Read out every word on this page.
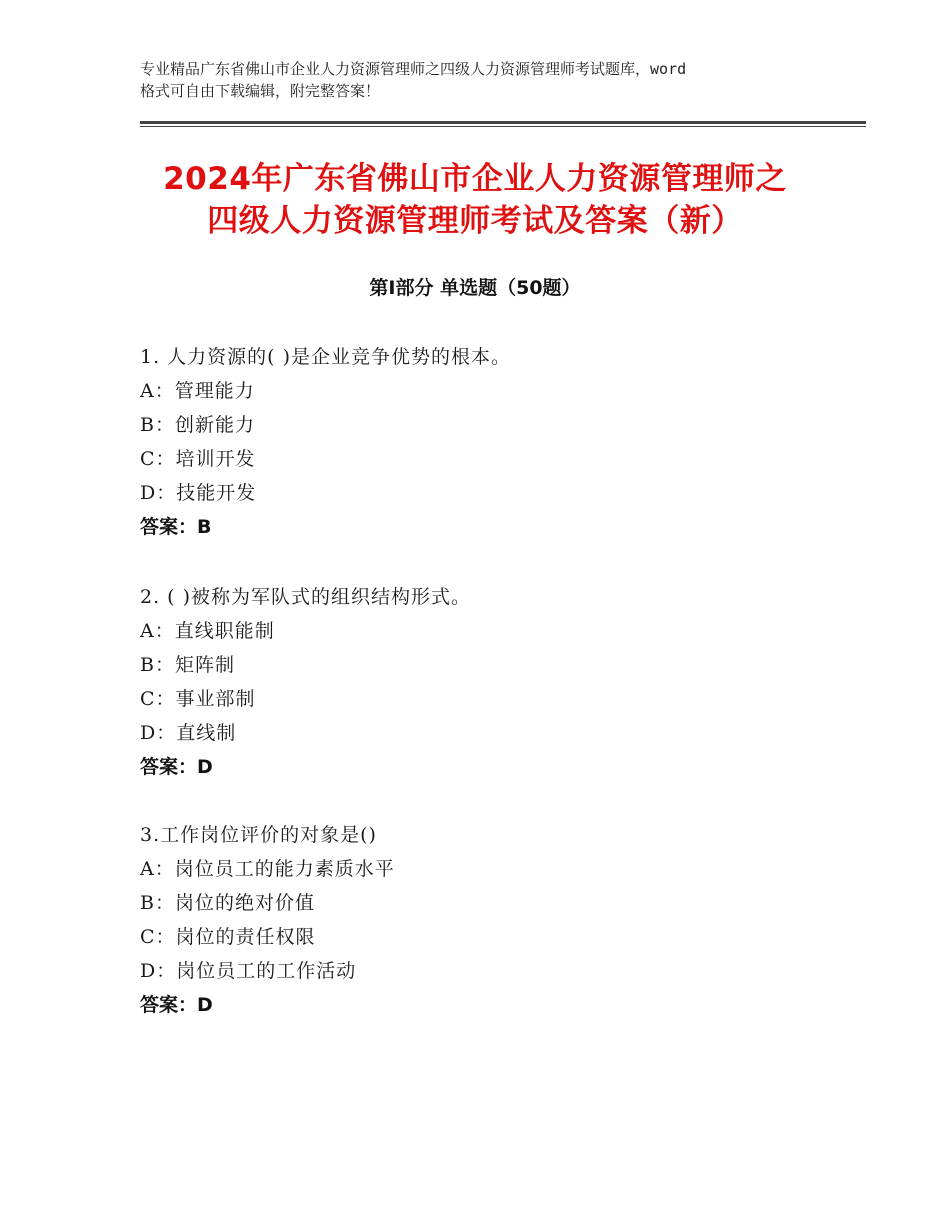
专业精品广东省佛山市企业人力资源管理师之四级人力资源管理师考试题库，word
格式可自由下载编辑，附完整答案！
2024年广东省佛山市企业人力资源管理师之
四级人力资源管理师考试及答案（新）
第Ⅰ部分 单选题（50题）
1. 人力资源的( )是企业竞争优势的根本。
A：管理能力
B：创新能力
C：培训开发
D：技能开发
答案：B
2. ( )被称为军队式的组织结构形式。
A：直线职能制
B：矩阵制
C：事业部制
D：直线制
答案：D
3.工作岗位评价的对象是()
A：岗位员工的能力素质水平
B：岗位的绝对价值
C：岗位的责任权限
D：岗位员工的工作活动
答案：D
